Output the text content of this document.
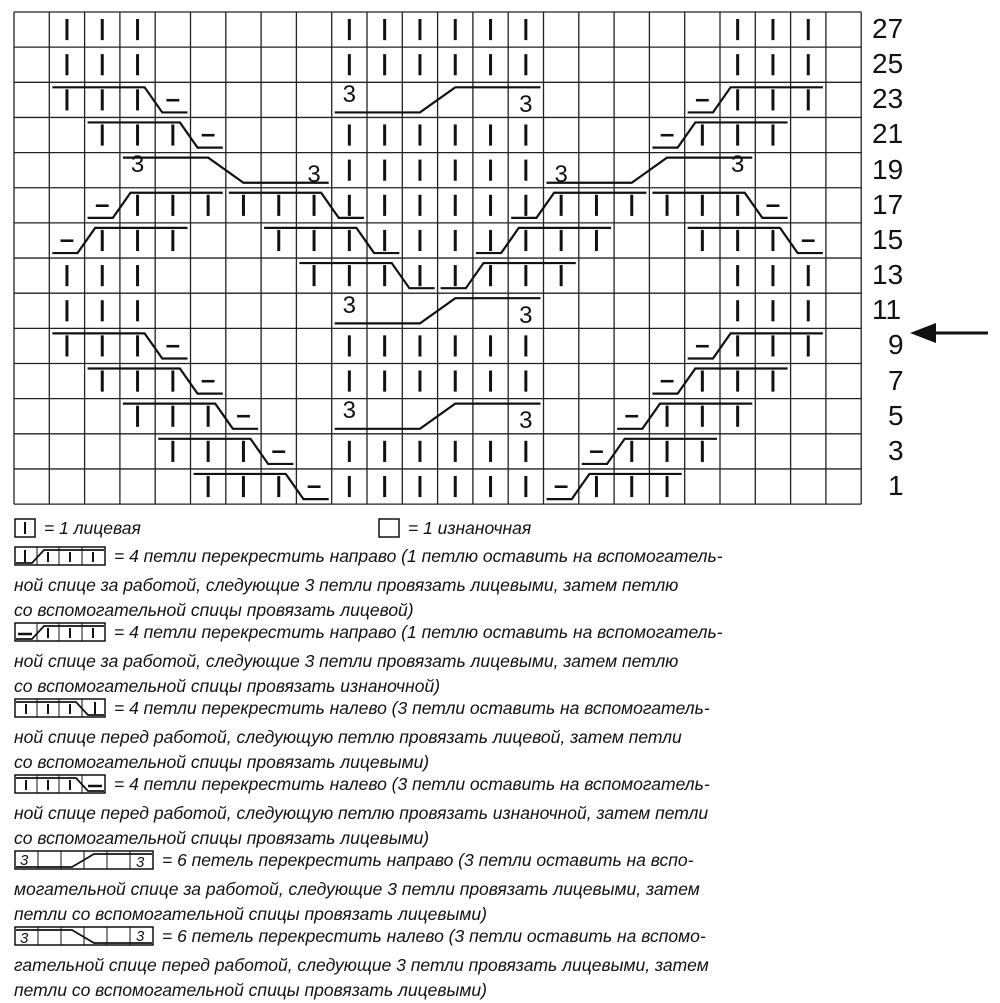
–	3	3	–
–	–
3	3	3	3
–	–
–	–
3	3
–	–
–	–
–	3	3	–
–	–
–	–
27
25
23
21
19
17
15
13
11
9
7
5
3
1
= 1 лицевая	= 1 изнаночная
= 4 петли перекрестить направо (1 петлю оставить на вспомогатель-
ной спице за работой, следующие 3 петли провязать лицевыми, затем петлю
со вспомогательной спицы провязать лицевой)
= 4 петли перекрестить направо (1 петлю оставить на вспомогатель-
ной спице за работой, следующие 3 петли провязать лицевыми, затем петлю
со вспомогательной спицы провязать изнаночной)
= 4 петли перекрестить налево (3 петли оставить на вспомогатель-
ной спице перед работой, следующую петлю провязать лицевой, затем петли
со вспомогательной спицы провязать лицевыми)
= 4 петли перекрестить налево (3 петли оставить на вспомогатель-
ной спице перед работой, следующую петлю провязать изнаночной, затем петли
со вспомогательной спицы провязать лицевыми)
3	3 = 6 петель перекрестить направо (3 петли оставить на вспо-
могательной спице за работой, следующие 3 петли провязать лицевыми, затем
петли со вспомогательной спицы провязать лицевыми)
3	3 = 6 петель перекрестить налево (3 петли оставить на вспомо-
гательной спице перед работой, следующие 3 петли провязать лицевыми, затем
петли со вспомогательной спицы провязать лицевыми)
